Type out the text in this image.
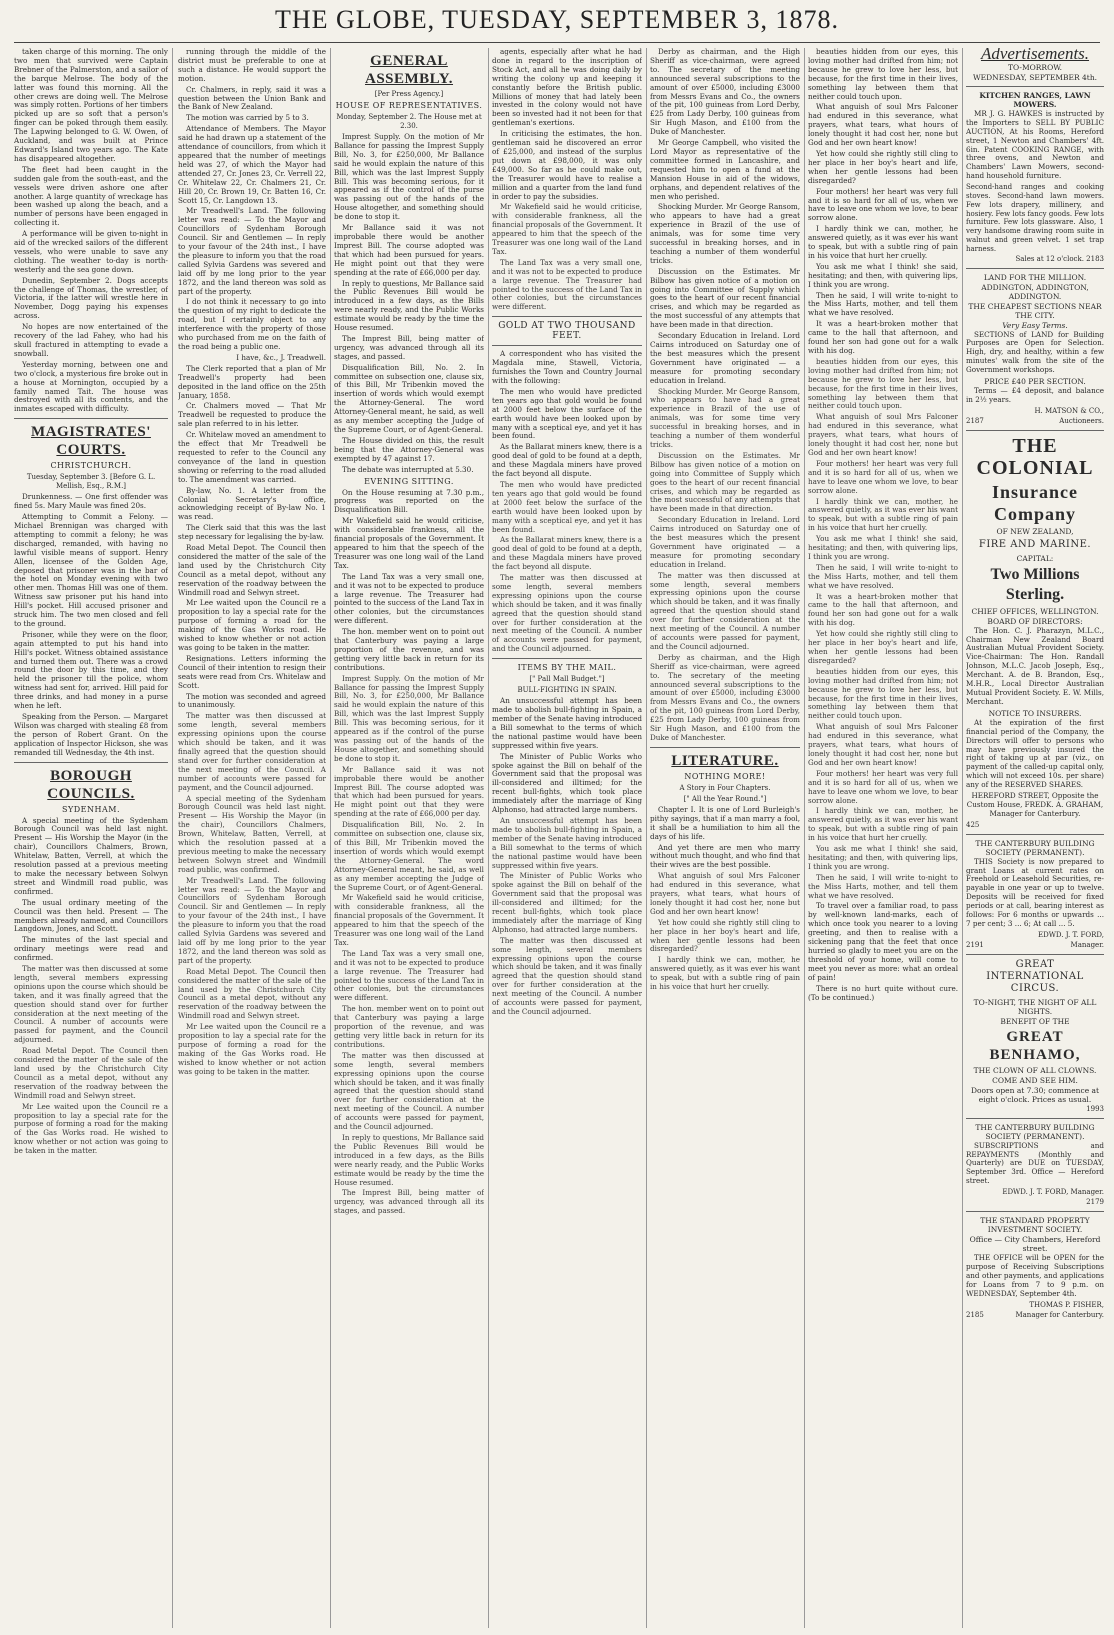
THE GLOBE, TUESDAY, SEPTEMBER 3, 1878.

taken charge of this morning. The only two men that survived were Captain Brebner of the Palmerston, and a sailor of the barque Melrose. The body of the latter was found this morning. All the other crews are doing well. The Melrose was simply rotten. Portions of her timbers picked up are so soft that a person's finger can be poked through them easily. The Lapwing belonged to G. W. Owen, of Auckland, and was built at Prince Edward's Island two years ago. The Kate has disappeared altogether.

The fleet had been caught in the sudden gale from the south-east, and the vessels were driven ashore one after another. A large quantity of wreckage has been washed up along the beach, and a number of persons have been engaged in collecting it.

A performance will be given to-night in aid of the wrecked sailors of the different vessels, who were unable to save any clothing. The weather to-day is north-westerly and the sea gone down.

Dunedin, September 2. Dogs accepts the challenge of Thomas, the wrestler, of Victoria, if the latter will wrestle here in November, Dogg paying his expenses across.

No hopes are now entertained of the recovery of the lad Fahey, who had his skull fractured in attempting to evade a snowball.

Yesterday morning, between one and two o'clock, a mysterious fire broke out in a house at Mornington, occupied by a family named Tait. The house was destroyed with all its contents, and the inmates escaped with difficulty.

MAGISTRATES' COURTS.
CHRISTCHURCH.
Tuesday, September 3. [Before G. L. Mellish, Esq., R.M.]

Drunkenness. — One first offender was fined 5s. Mary Maule was fined 20s.

Attempting to Commit a Felony. — Michael Brennigan was charged with attempting to commit a felony; he was discharged, remanded, with having no lawful visible means of support. Henry Allen, licensee of the Golden Age, deposed that prisoner was in the bar of the hotel on Monday evening with two other men. Thomas Hill was one of them. Witness saw prisoner put his hand into Hill's pocket. Hill accused prisoner and struck him. The two men closed and fell to the ground.

Prisoner, while they were on the floor, again attempted to put his hand into Hill's pocket. Witness obtained assistance and turned them out. There was a crowd round the door by this time, and they held the prisoner till the police, whom witness had sent for, arrived. Hill paid for three drinks, and had money in a purse when he left.

Speaking from the Person. — Margaret Wilson was charged with stealing £8 from the person of Robert Grant. On the application of Inspector Hickson, she was remanded till Wednesday, the 4th inst.

BOROUGH COUNCILS.
SYDENHAM.

A special meeting of the Sydenham Borough Council was held last night. Present — His Worship the Mayor (in the chair), Councillors Chalmers, Brown, Whitelaw, Batten, Verrell, at which the resolution passed at a previous meeting to make the necessary between Solwyn street and Windmill road public, was confirmed.

The usual ordinary meeting of the Council was then held. Present — The members already named, and Councillors Langdown, Jones, and Scott.

The minutes of the last special and ordinary meetings were read and confirmed.

The matter was then discussed at some length, several members expressing opinions upon the course which should be taken, and it was finally agreed that the question should stand over for further consideration at the next meeting of the Council. A number of accounts were passed for payment, and the Council adjourned.

Road Metal Depot. The Council then considered the matter of the sale of the land used by the Christchurch City Council as a metal depot, without any reservation of the roadway between the Windmill road and Selwyn street.

Mr Lee waited upon the Council re a proposition to lay a special rate for the purpose of forming a road for the making of the Gas Works road. He wished to know whether or not action was going to be taken in the matter.

running through the middle of the district must be preferable to one at such a distance. He would support the motion.

Cr. Chalmers, in reply, said it was a question between the Union Bank and the Bank of New Zealand.

The motion was carried by 5 to 3.

Attendance of Members. The Mayor said he had drawn up a statement of the attendance of councillors, from which it appeared that the number of meetings held was 27, of which the Mayor had attended 27, Cr. Jones 23, Cr. Verrell 22, Cr. Whitelaw 22, Cr. Chalmers 21, Cr. Hill 20, Cr. Brown 19, Cr. Batten 16, Cr. Scott 15, Cr. Langdown 13.

Mr Treadwell's Land. The following letter was read: — To the Mayor and Councillors of Sydenham Borough Council. Sir and Gentlemen — In reply to your favour of the 24th inst., I have the pleasure to inform you that the road called Sylvia Gardens was severed and laid off by me long prior to the year 1872, and the land thereon was sold as part of the property.

I do not think it necessary to go into the question of my right to dedicate the road, but I certainly object to any interference with the property of those who purchased from me on the faith of the road being a public one.

I have, &c., J. Treadwell.

The Clerk reported that a plan of Mr Treadwell's property had been deposited in the land office on the 25th January, 1858.

Cr. Chalmers moved — That Mr Treadwell be requested to produce the sale plan referred to in his letter.

Cr. Whitelaw moved an amendment to the effect that Mr Treadwell be requested to refer to the Council any conveyance of the land in question showing or referring to the road alluded to. The amendment was carried.

By-law, No. 1. A letter from the Colonial Secretary's office, acknowledging receipt of By-law No. 1 was read.

The Clerk said that this was the last step necessary for legalising the by-law.

Road Metal Depot. The Council then considered the matter of the sale of the land used by the Christchurch City Council as a metal depot, without any reservation of the roadway between the Windmill road and Selwyn street.

Mr Lee waited upon the Council re a proposition to lay a special rate for the purpose of forming a road for the making of the Gas Works road. He wished to know whether or not action was going to be taken in the matter.

Resignations. Letters informing the Council of their intention to resign their seats were read from Crs. Whitelaw and Scott.

The motion was seconded and agreed to unanimously.

The matter was then discussed at some length, several members expressing opinions upon the course which should be taken, and it was finally agreed that the question should stand over for further consideration at the next meeting of the Council. A number of accounts were passed for payment, and the Council adjourned.

A special meeting of the Sydenham Borough Council was held last night. Present — His Worship the Mayor (in the chair), Councillors Chalmers, Brown, Whitelaw, Batten, Verrell, at which the resolution passed at a previous meeting to make the necessary between Solwyn street and Windmill road public, was confirmed.

Mr Treadwell's Land. The following letter was read: — To the Mayor and Councillors of Sydenham Borough Council. Sir and Gentlemen — In reply to your favour of the 24th inst., I have the pleasure to inform you that the road called Sylvia Gardens was severed and laid off by me long prior to the year 1872, and the land thereon was sold as part of the property.

Road Metal Depot. The Council then considered the matter of the sale of the land used by the Christchurch City Council as a metal depot, without any reservation of the roadway between the Windmill road and Selwyn street.

Mr Lee waited upon the Council re a proposition to lay a special rate for the purpose of forming a road for the making of the Gas Works road. He wished to know whether or not action was going to be taken in the matter.

GENERAL ASSEMBLY.
[Per Press Agency.]
HOUSE OF REPRESENTATIVES.
Monday, September 2. The House met at 2.30.

Imprest Supply. On the motion of Mr Ballance for passing the Imprest Supply Bill, No. 3, for £250,000, Mr Ballance said he would explain the nature of this Bill, which was the last Imprest Supply Bill. This was becoming serious, for it appeared as if the control of the purse was passing out of the hands of the House altogether, and something should be done to stop it.

Mr Ballance said it was not improbable there would be another Imprest Bill. The course adopted was that which had been pursued for years. He might point out that they were spending at the rate of £66,000 per day.

In reply to questions, Mr Ballance said the Public Revenues Bill would be introduced in a few days, as the Bills were nearly ready, and the Public Works estimate would be ready by the time the House resumed.

The Imprest Bill, being matter of urgency, was advanced through all its stages, and passed.

Disqualification Bill, No. 2. In committee on subsection one, clause six, of this Bill, Mr Tribenkin moved the insertion of words which would exempt the Attorney-General. The word Attorney-General meant, he said, as well as any member accepting the Judge of the Supreme Court, or of Agent-General.

The House divided on this, the result being that the Attorney-General was exempted by 47 against 17.

The debate was interrupted at 5.30.

EVENING SITTING.

On the House resuming at 7.30 p.m., progress was reported on the Disqualification Bill.

Mr Wakefield said he would criticise, with considerable frankness, all the financial proposals of the Government. It appeared to him that the speech of the Treasurer was one long wail of the Land Tax.

The Land Tax was a very small one, and it was not to be expected to produce a large revenue. The Treasurer had pointed to the success of the Land Tax in other colonies, but the circumstances were different.

The hon. member went on to point out that Canterbury was paying a large proportion of the revenue, and was getting very little back in return for its contributions.

Imprest Supply. On the motion of Mr Ballance for passing the Imprest Supply Bill, No. 3, for £250,000, Mr Ballance said he would explain the nature of this Bill, which was the last Imprest Supply Bill. This was becoming serious, for it appeared as if the control of the purse was passing out of the hands of the House altogether, and something should be done to stop it.

Mr Ballance said it was not improbable there would be another Imprest Bill. The course adopted was that which had been pursued for years. He might point out that they were spending at the rate of £66,000 per day.

Disqualification Bill, No. 2. In committee on subsection one, clause six, of this Bill, Mr Tribenkin moved the insertion of words which would exempt the Attorney-General. The word Attorney-General meant, he said, as well as any member accepting the Judge of the Supreme Court, or of Agent-General.

Mr Wakefield said he would criticise, with considerable frankness, all the financial proposals of the Government. It appeared to him that the speech of the Treasurer was one long wail of the Land Tax.

The Land Tax was a very small one, and it was not to be expected to produce a large revenue. The Treasurer had pointed to the success of the Land Tax in other colonies, but the circumstances were different.

The hon. member went on to point out that Canterbury was paying a large proportion of the revenue, and was getting very little back in return for its contributions.

The matter was then discussed at some length, several members expressing opinions upon the course which should be taken, and it was finally agreed that the question should stand over for further consideration at the next meeting of the Council. A number of accounts were passed for payment, and the Council adjourned.

In reply to questions, Mr Ballance said the Public Revenues Bill would be introduced in a few days, as the Bills were nearly ready, and the Public Works estimate would be ready by the time the House resumed.

The Imprest Bill, being matter of urgency, was advanced through all its stages, and passed.

agents, especially after what he had done in regard to the inscription of Stock Act, and all he was doing daily by writing the colony up and keeping it constantly before the British public. Millions of money that had lately been invested in the colony would not have been so invested had it not been for that gentleman's exertions.

In criticising the estimates, the hon. gentleman said he discovered an error of £25,000, and instead of the surplus put down at £98,000, it was only £49,000. So far as he could make out, the Treasurer would have to realise a million and a quarter from the land fund in order to pay the subsidies.

Mr Wakefield said he would criticise, with considerable frankness, all the financial proposals of the Government. It appeared to him that the speech of the Treasurer was one long wail of the Land Tax.

The Land Tax was a very small one, and it was not to be expected to produce a large revenue. The Treasurer had pointed to the success of the Land Tax in other colonies, but the circumstances were different.

GOLD AT TWO THOUSAND FEET.

A correspondent who has visited the Magdala mine, Stawell, Victoria, furnishes the Town and Country Journal with the following:

The men who would have predicted ten years ago that gold would be found at 2000 feet below the surface of the earth would have been looked upon by many with a sceptical eye, and yet it has been found.

As the Ballarat miners knew, there is a good deal of gold to be found at a depth, and these Magdala miners have proved the fact beyond all dispute.

The men who would have predicted ten years ago that gold would be found at 2000 feet below the surface of the earth would have been looked upon by many with a sceptical eye, and yet it has been found.

As the Ballarat miners knew, there is a good deal of gold to be found at a depth, and these Magdala miners have proved the fact beyond all dispute.

The matter was then discussed at some length, several members expressing opinions upon the course which should be taken, and it was finally agreed that the question should stand over for further consideration at the next meeting of the Council. A number of accounts were passed for payment, and the Council adjourned.

ITEMS BY THE MAIL.
[" Pall Mall Budget."]
BULL-FIGHTING IN SPAIN.

An unsuccessful attempt has been made to abolish bull-fighting in Spain, a member of the Senate having introduced a Bill somewhat to the terms of which the national pastime would have been suppressed within five years.

The Minister of Public Works who spoke against the Bill on behalf of the Government said that the proposal was ill-considered and illtimed; for the recent bull-fights, which took place immediately after the marriage of King Alphonso, had attracted large numbers.

An unsuccessful attempt has been made to abolish bull-fighting in Spain, a member of the Senate having introduced a Bill somewhat to the terms of which the national pastime would have been suppressed within five years.

The Minister of Public Works who spoke against the Bill on behalf of the Government said that the proposal was ill-considered and illtimed; for the recent bull-fights, which took place immediately after the marriage of King Alphonso, had attracted large numbers.

The matter was then discussed at some length, several members expressing opinions upon the course which should be taken, and it was finally agreed that the question should stand over for further consideration at the next meeting of the Council. A number of accounts were passed for payment, and the Council adjourned.

Derby as chairman, and the High Sheriff as vice-chairman, were agreed to. The secretary of the meeting announced several subscriptions to the amount of over £5000, including £3000 from Messrs Evans and Co., the owners of the pit, 100 guineas from Lord Derby, £25 from Lady Derby, 100 guineas from Sir Hugh Mason, and £100 from the Duke of Manchester.

Mr George Campbell, who visited the Lord Mayor as representative of the committee formed in Lancashire, and requested him to open a fund at the Mansion House in aid of the widows, orphans, and dependent relatives of the men who perished.

Shocking Murder. Mr George Ransom, who appears to have had a great experience in Brazil of the use of animals, was for some time very successful in breaking horses, and in teaching a number of them wonderful tricks.

Discussion on the Estimates. Mr Bilbow has given notice of a motion on going into Committee of Supply which goes to the heart of our recent financial crises, and which may be regarded as the most successful of any attempts that have been made in that direction.

Secondary Education in Ireland. Lord Cairns introduced on Saturday one of the best measures which the present Government have originated — a measure for promoting secondary education in Ireland.

Shocking Murder. Mr George Ransom, who appears to have had a great experience in Brazil of the use of animals, was for some time very successful in breaking horses, and in teaching a number of them wonderful tricks.

Discussion on the Estimates. Mr Bilbow has given notice of a motion on going into Committee of Supply which goes to the heart of our recent financial crises, and which may be regarded as the most successful of any attempts that have been made in that direction.

Secondary Education in Ireland. Lord Cairns introduced on Saturday one of the best measures which the present Government have originated — a measure for promoting secondary education in Ireland.

The matter was then discussed at some length, several members expressing opinions upon the course which should be taken, and it was finally agreed that the question should stand over for further consideration at the next meeting of the Council. A number of accounts were passed for payment, and the Council adjourned.

Derby as chairman, and the High Sheriff as vice-chairman, were agreed to. The secretary of the meeting announced several subscriptions to the amount of over £5000, including £3000 from Messrs Evans and Co., the owners of the pit, 100 guineas from Lord Derby, £25 from Lady Derby, 100 guineas from Sir Hugh Mason, and £100 from the Duke of Manchester.

LITERATURE.
NOTHING MORE!
A Story in Four Chapters.
[" All the Year Round."]

Chapter I. It is one of Lord Burleigh's pithy sayings, that if a man marry a fool, it shall be a humiliation to him all the days of his life.

And yet there are men who marry without much thought, and who find that their wives are the best possible.

What anguish of soul Mrs Falconer had endured in this severance, what prayers, what tears, what hours of lonely thought it had cost her, none but God and her own heart know!

Yet how could she rightly still cling to her place in her boy's heart and life, when her gentle lessons had been disregarded?

I hardly think we can, mother, he answered quietly, as it was ever his want to speak, but with a subtle ring of pain in his voice that hurt her cruelly.

beauties hidden from our eyes, this loving mother had drifted from him; not because he grew to love her less, but because, for the first time in their lives, something lay between them that neither could touch upon.

What anguish of soul Mrs Falconer had endured in this severance, what prayers, what tears, what hours of lonely thought it had cost her, none but God and her own heart know!

Yet how could she rightly still cling to her place in her boy's heart and life, when her gentle lessons had been disregarded?

Four mothers! her heart was very full and it is so hard for all of us, when we have to leave one whom we love, to bear sorrow alone.

I hardly think we can, mother, he answered quietly, as it was ever his want to speak, but with a subtle ring of pain in his voice that hurt her cruelly.

You ask me what I think! she said, hesitating; and then, with quivering lips, I think you are wrong.

Then he said, I will write to-night to the Miss Harts, mother, and tell them what we have resolved.

It was a heart-broken mother that came to the hall that afternoon, and found her son had gone out for a walk with his dog.

beauties hidden from our eyes, this loving mother had drifted from him; not because he grew to love her less, but because, for the first time in their lives, something lay between them that neither could touch upon.

What anguish of soul Mrs Falconer had endured in this severance, what prayers, what tears, what hours of lonely thought it had cost her, none but God and her own heart know!

Four mothers! her heart was very full and it is so hard for all of us, when we have to leave one whom we love, to bear sorrow alone.

I hardly think we can, mother, he answered quietly, as it was ever his want to speak, but with a subtle ring of pain in his voice that hurt her cruelly.

You ask me what I think! she said, hesitating; and then, with quivering lips, I think you are wrong.

Then he said, I will write to-night to the Miss Harts, mother, and tell them what we have resolved.

It was a heart-broken mother that came to the hall that afternoon, and found her son had gone out for a walk with his dog.

Yet how could she rightly still cling to her place in her boy's heart and life, when her gentle lessons had been disregarded?

beauties hidden from our eyes, this loving mother had drifted from him; not because he grew to love her less, but because, for the first time in their lives, something lay between them that neither could touch upon.

What anguish of soul Mrs Falconer had endured in this severance, what prayers, what tears, what hours of lonely thought it had cost her, none but God and her own heart know!

Four mothers! her heart was very full and it is so hard for all of us, when we have to leave one whom we love, to bear sorrow alone.

I hardly think we can, mother, he answered quietly, as it was ever his want to speak, but with a subtle ring of pain in his voice that hurt her cruelly.

You ask me what I think! she said, hesitating; and then, with quivering lips, I think you are wrong.

Then he said, I will write to-night to the Miss Harts, mother, and tell them what we have resolved.

To travel over a familiar road, to pass by well-known land-marks, each of which once took you nearer to a loving greeting, and then to realise with a sickening pang that the feet that once hurried so gladly to meet you are on the threshold of your home, will come to meet you never as more: what an ordeal of pain!

There is no hurt quite without cure. (To be continued.)

Advertisements.
TO-MORROW.
WEDNESDAY, SEPTEMBER 4th.
KITCHEN RANGES, LAWN MOWERS.

MR J. G. HAWKES is instructed by the Importers to SELL BY PUBLIC AUCTION, At his Rooms, Hereford street, 1 Newton and Chambers' 4ft. 6in. Patent COOKING RANGE, with three ovens, and Newton and Chambers' Lawn Mowers, second-hand household furniture.

Second-hand ranges and cooking stoves. Second-hand lawn mowers. Few lots drapery, millinery, and hosiery. Few lots fancy goods. Few lots furniture. Few lots glassware. Also, 1 very handsome drawing room suite in walnut and green velvet. 1 set trap harness.
Sales at 12 o'clock. 2183
LAND FOR THE MILLION.
ADDINGTON, ADDINGTON, ADDINGTON.
THE CHEAPEST SECTIONS NEAR THE CITY.
Very Easy Terms.

SECTIONS of LAND for Building Purposes are Open for Selection. High, dry, and healthy, within a few minutes' walk from the site of the Government workshops.

PRICE £40 PER SECTION.

Terms — £4 deposit, and balance in 2½ years.

H. MATSON & CO.,
2187	Auctioneers.
THE COLONIAL
Insurance Company
OF NEW ZEALAND,
FIRE AND MARINE.
CAPITAL:
Two Millions Sterling.
CHIEF OFFICES, WELLINGTON.
BOARD OF DIRECTORS:

The Hon. C. J. Pharazyn, M.L.C., Chairman New Zealand Board Australian Mutual Provident Society. Vice-Chairman: The Hon. Randall Johnson, M.L.C. Jacob Joseph, Esq., Merchant. A. de B. Brandon, Esq., M.H.R., Local Director Australian Mutual Provident Society. E. W. Mills, Merchant.

NOTICE TO INSURERS.

At the expiration of the first financial period of the Company, the Directors will offer to persons who may have previously insured the right of taking up at par (viz., on payment of the called-up capital only, which will not exceed 10s. per share) any of the RESERVED SHARES.

HEREFORD STREET, Opposite the Custom House, FREDK. A. GRAHAM, Manager for Canterbury.

425
THE CANTERBURY BUILDING SOCIETY (PERMANENT).

THIS Society is now prepared to grant Loans at current rates on Freehold or Leasehold Securities, re-payable in one year or up to twelve. Deposits will be received for fixed periods or at call, bearing interest as follows: For 6 months or upwards ... 7 per cent; 3 ... 6; At call ... 5.

EDWD. J. T. FORD,
2191	Manager.
GREAT INTERNATIONAL CIRCUS.
TO-NIGHT, THE NIGHT OF ALL NIGHTS.
BENEFIT OF THE
GREAT BENHAMO,
THE CLOWN OF ALL CLOWNS.
COME AND SEE HIM.
Doors open at 7.30; commence at eight o'clock. Prices as usual.
1993
THE CANTERBURY BUILDING SOCIETY (PERMANENT).

SUBSCRIPTIONS and REPAYMENTS (Monthly and Quarterly) are DUE on TUESDAY, September 3rd. Office — Hereford street.

EDWD. J. T. FORD, Manager.
2179
THE STANDARD PROPERTY INVESTMENT SOCIETY.
Office — City Chambers, Hereford street.

THE OFFICE will be OPEN for the purpose of Receiving Subscriptions and other payments, and applications for Loans from 7 to 9 p.m. on WEDNESDAY, September 4th.

THOMAS P. FISHER,
2185	Manager for Canterbury.
